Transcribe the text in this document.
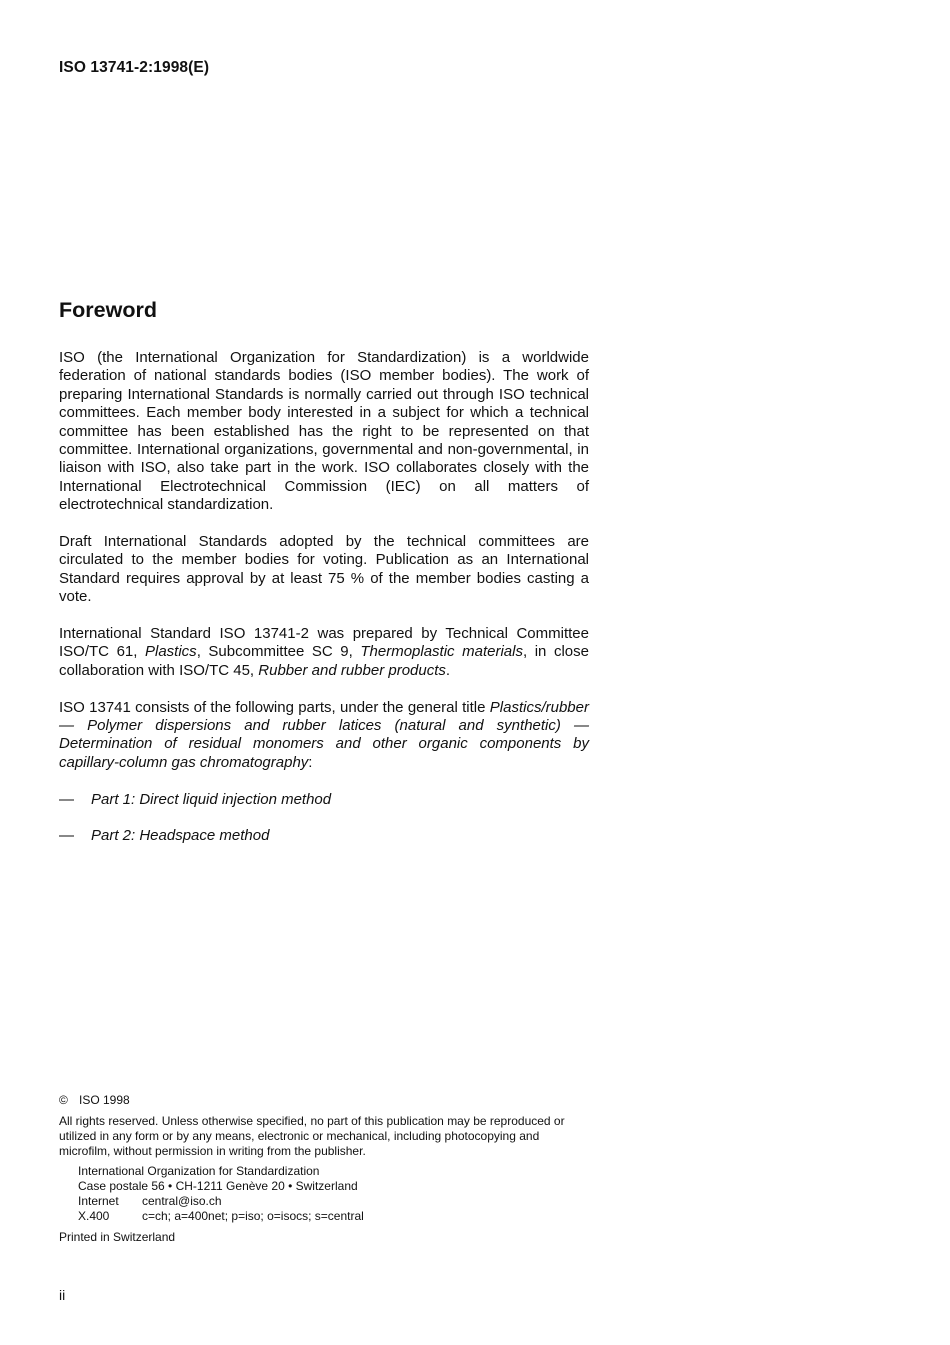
ISO 13741-2:1998(E)
Foreword

ISO (the International Organization for Standardization) is a worldwide federation of national standards bodies (ISO member bodies). The work of preparing International Standards is normally carried out through ISO technical committees. Each member body interested in a subject for which a technical committee has been established has the right to be represented on that committee. International organizations, governmental and non-governmental, in liaison with ISO, also take part in the work. ISO collaborates closely with the International Electrotechnical Commission (IEC) on all matters of electrotechnical standardization.

Draft International Standards adopted by the technical committees are circulated to the member bodies for voting. Publication as an International Standard requires approval by at least 75 % of the member bodies casting a vote.

International Standard ISO 13741-2 was prepared by Technical Committee ISO/TC 61, Plastics, Subcommittee SC 9, Thermoplastic materials, in close collaboration with ISO/TC 45, Rubber and rubber products.

ISO 13741 consists of the following parts, under the general title Plastics/rubber — Polymer dispersions and rubber latices (natural and synthetic) — Determination of residual monomers and other organic components by capillary-column gas chromatography:

—	Part 1: Direct liquid injection method
—	Part 2: Headspace method
© ISO 1998

All rights reserved. Unless otherwise specified, no part of this publication may be reproduced or utilized in any form or by any means, electronic or mechanical, including photocopying and microfilm, without permission in writing from the publisher.

International Organization for Standardization
Case postale 56 • CH-1211 Genève 20 • Switzerland
Internet	central@iso.ch
X.400	c=ch; a=400net; p=iso; o=isocs; s=central
Printed in Switzerland
ii
